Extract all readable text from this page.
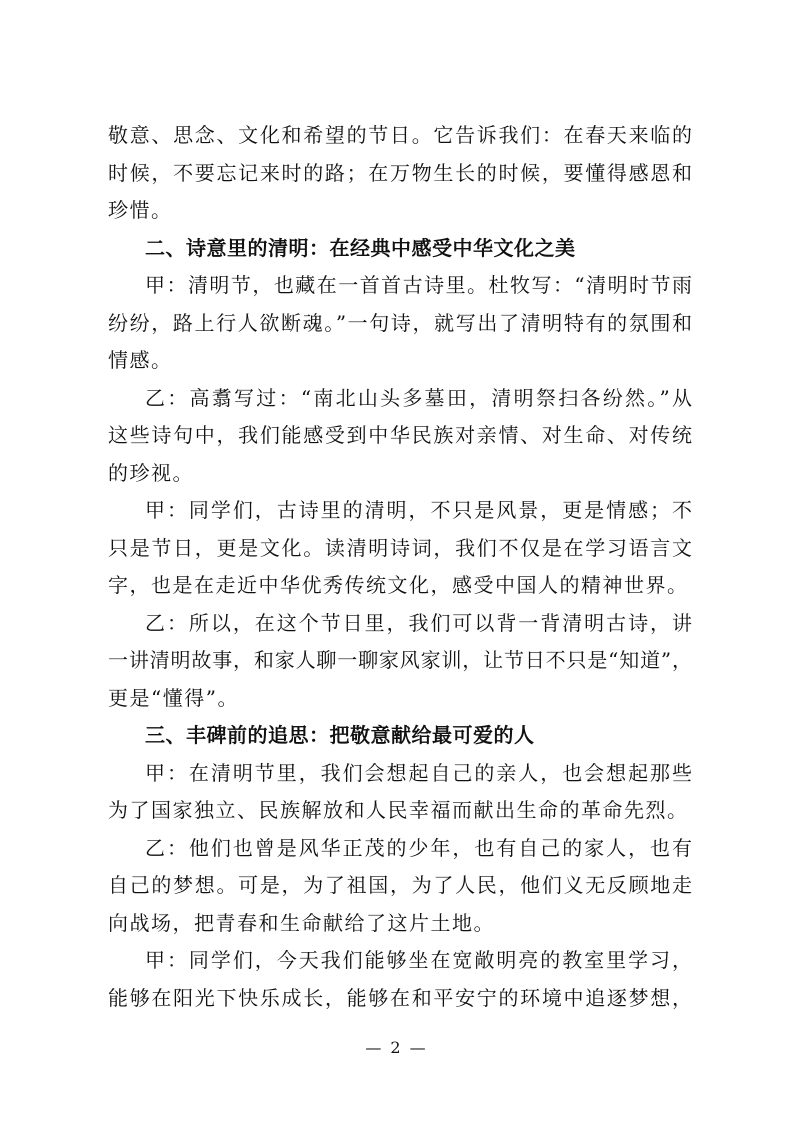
敬意、思念、文化和希望的节日。它告诉我们：在春天来临的
时候，不要忘记来时的路；在万物生长的时候，要懂得感恩和
珍惜。
二、诗意里的清明：在经典中感受中华文化之美
甲：清明节，也藏在一首首古诗里。杜牧写：“清明时节雨
纷纷，路上行人欲断魂。”一句诗，就写出了清明特有的氛围和
情感。
乙：高翥写过：“南北山头多墓田，清明祭扫各纷然。”从
这些诗句中，我们能感受到中华民族对亲情、对生命、对传统
的珍视。
甲：同学们，古诗里的清明，不只是风景，更是情感；不
只是节日，更是文化。读清明诗词，我们不仅是在学习语言文
字，也是在走近中华优秀传统文化，感受中国人的精神世界。
乙：所以，在这个节日里，我们可以背一背清明古诗，讲
一讲清明故事，和家人聊一聊家风家训，让节日不只是“知道”，
更是“懂得”。
三、丰碑前的追思：把敬意献给最可爱的人
甲：在清明节里，我们会想起自己的亲人，也会想起那些
为了国家独立、民族解放和人民幸福而献出生命的革命先烈。
乙：他们也曾是风华正茂的少年，也有自己的家人，也有
自己的梦想。可是，为了祖国，为了人民，他们义无反顾地走
向战场，把青春和生命献给了这片土地。
甲：同学们，今天我们能够坐在宽敞明亮的教室里学习，
能够在阳光下快乐成长，能够在和平安宁的环境中追逐梦想，
— 2 —
